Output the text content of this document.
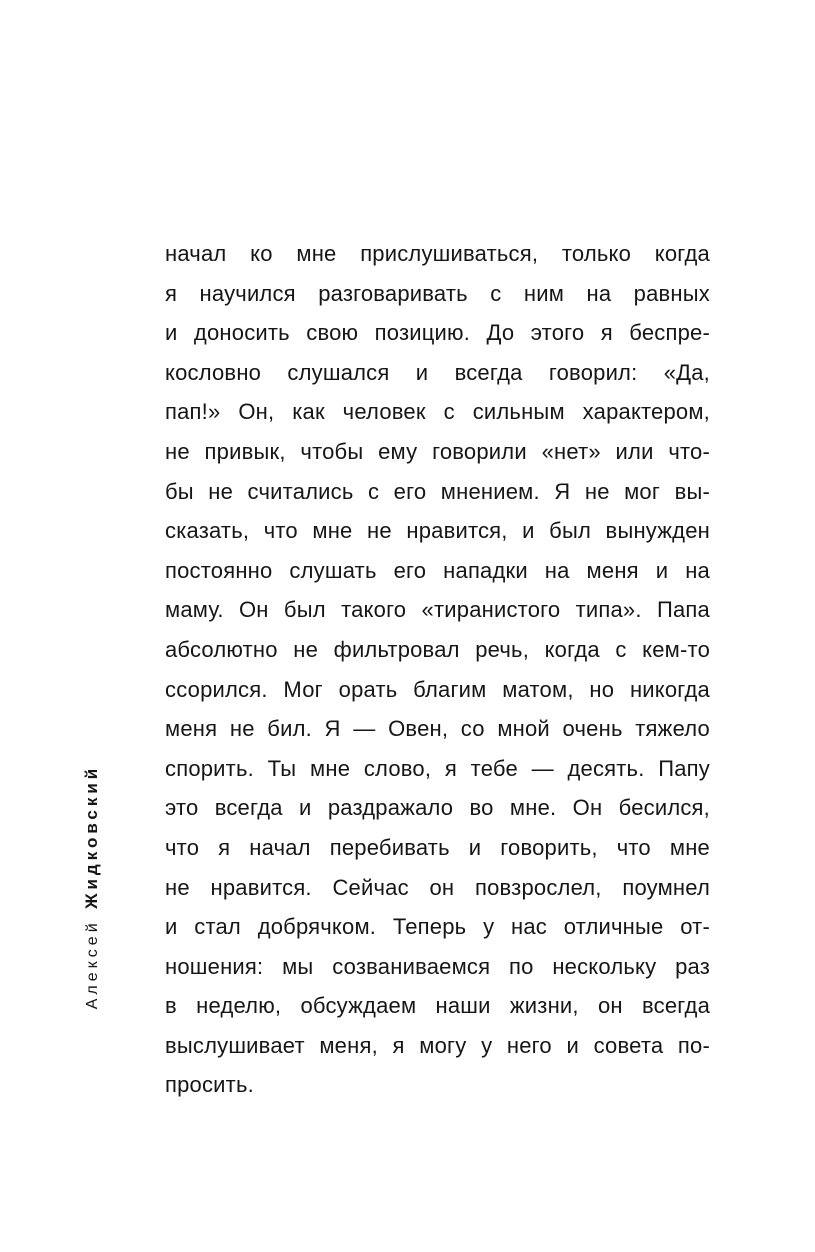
Алексей Жидковский
начал ко мне прислушиваться, только когда
я научился разговаривать с ним на равных
и доносить свою позицию. До этого я беспре-
кословно слушался и всегда говорил: «Да,
пап!» Он, как человек с сильным характером,
не привык, чтобы ему говорили «нет» или что-
бы не считались с его мнением. Я не мог вы-
сказать, что мне не нравится, и был вынужден
постоянно слушать его нападки на меня и на
маму. Он был такого «тиранистого типа». Папа
абсолютно не фильтровал речь, когда с кем-то
ссорился. Мог орать благим матом, но никогда
меня не бил. Я — Овен, со мной очень тяжело
спорить. Ты мне слово, я тебе — десять. Папу
это всегда и раздражало во мне. Он бесился,
что я начал перебивать и говорить, что мне
не нравится. Сейчас он повзрослел, поумнел
и стал добрячком. Теперь у нас отличные от-
ношения: мы созваниваемся по нескольку раз
в неделю, обсуждаем наши жизни, он всегда
выслушивает меня, я могу у него и совета по-
просить.
